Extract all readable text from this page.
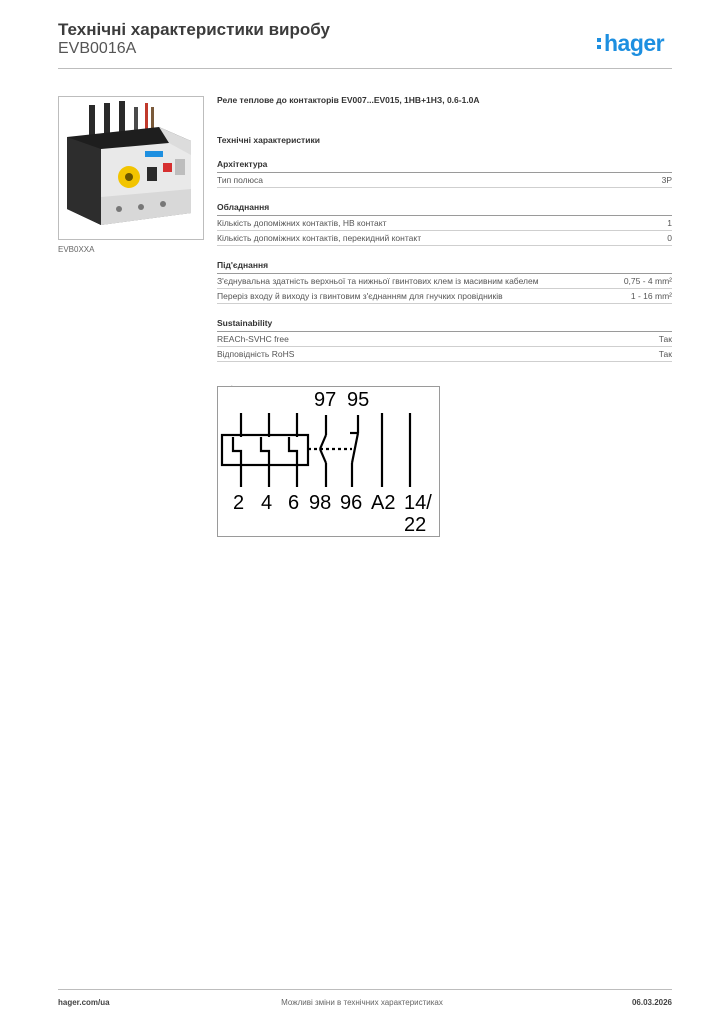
Технічні характеристики виробу
EVB0016A	hager
EVB0XXA
Реле теплове до контакторів EV007...EV015, 1НВ+1НЗ, 0.6-1.0A
Технічні характеристики
Архітектура
Тип полюса	3P
Обладнання
Кількість допоміжних контактів, НВ контакт	1
Кількість допоміжних контактів, перекидний контакт	0
Під'єднання
З'єднувальна здатність верхньої та нижньої гвинтових клем із масивним кабелем	0,75 - 4 mm²
Переріз входу й виходу із гвинтовим з'єднанням для гнучких провідників	1 - 16 mm²
Sustainability
REACh-SVHC free	Так
Відповідність RoHS	Так
97 95
2 4 6 98 96 A2 14/
22
hager.com/ua	Можливі зміни в технічних характеристиках	06.03.2026
